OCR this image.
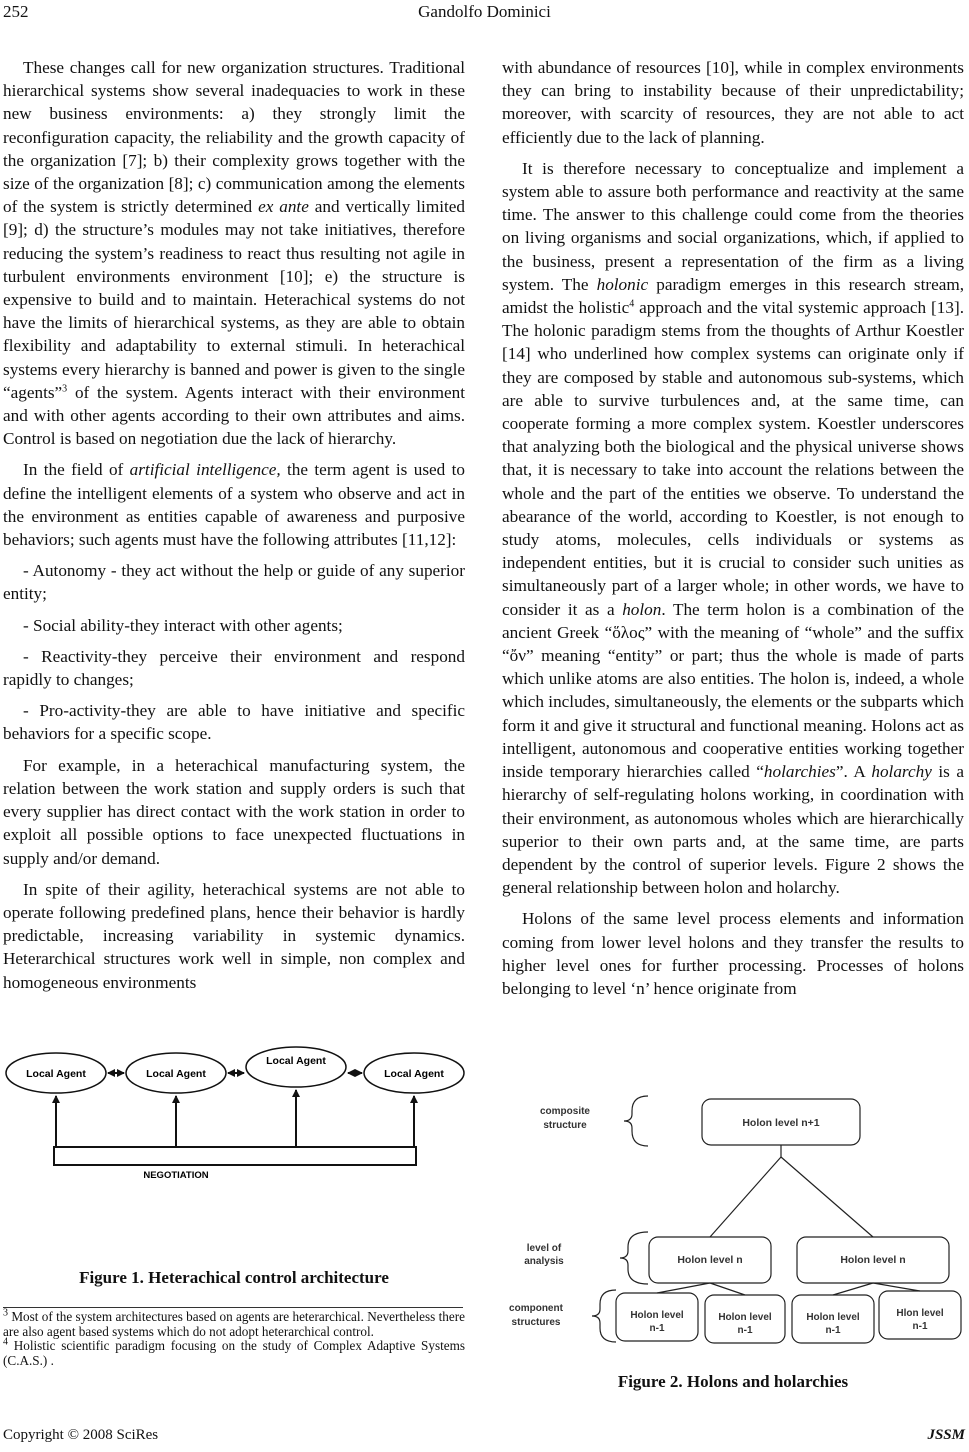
252	Gandolfo Dominici

These changes call for new organization structures. Traditional hierarchical systems show several inadequacies to work in these new business environments: a) they strongly limit the reconfiguration capacity, the reliability and the growth capacity of the organization [7]; b) their complexity grows together with the size of the organization [8]; c) communication among the elements of the system is strictly determined ex ante and vertically limited [9]; d) the structure’s modules may not take initiatives, therefore reducing the system’s readiness to react thus resulting not agile in turbulent environments environment [10]; e) the structure is expensive to build and to maintain. Heterachical systems do not have the limits of hierarchical systems, as they are able to obtain flexibility and adaptability to external stimuli. In heterachical systems every hierarchy is banned and power is given to the single “agents”$^3$ of the system. Agents interact with their environment and with other agents according to their own attributes and aims. Control is based on negotiation due the lack of hierarchy.

In the field of artificial intelligence, the term agent is used to define the intelligent elements of a system who observe and act in the environment as entities capable of awareness and purposive behaviors; such agents must have the following attributes [11,12]:

- Autonomy - they act without the help or guide of any superior entity;

- Social ability-they interact with other agents;

- Reactivity-they perceive their environment and respond rapidly to changes;

- Pro-activity-they are able to have initiative and specific behaviors for a specific scope.

For example, in a heterachical manufacturing system, the relation between the work station and supply orders is such that every supplier has direct contact with the work station in order to exploit all possible options to face unexpected fluctuations in supply and/or demand.

In spite of their agility, heterachical systems are not able to operate following predefined plans, hence their behavior is hardly predictable, increasing variability in systemic dynamics. Heterarchical structures work well in simple, non complex and homogeneous environments

with abundance of resources [10], while in complex environments they can bring to instability because of their unpredictability; moreover, with scarcity of resources, they are not able to act efficiently due to the lack of planning.

It is therefore necessary to conceptualize and implement a system able to assure both performance and reactivity at the same time. The answer to this challenge could come from the theories on living organisms and social organizations, which, if applied to the business, present a representation of the firm as a living system. The holonic paradigm emerges in this research stream, amidst the holistic$^4$ approach and the vital systemic approach [13]. The holonic paradigm stems from the thoughts of Arthur Koestler [14] who underlined how complex systems can originate only if they are composed by stable and autonomous sub-systems, which are able to survive turbulences and, at the same time, can cooperate forming a more complex system. Koestler underscores that analyzing both the biological and the physical universe shows that, it is necessary to take into account the relations between the whole and the part of the entities we observe. To understand the abearance of the world, according to Koestler, is not enough to study atoms, molecules, cells individuals or systems as independent entities, but it is crucial to consider such unities as simultaneously part of a larger whole; in other words, we have to consider it as a holon. The term holon is a combination of the ancient Greek “ὅλος” with the meaning of “whole” and the suffix “ὄν” meaning “entity” or part; thus the whole is made of parts which unlike atoms are also entities. The holon is, indeed, a whole which includes, simultaneously, the elements or the subparts which form it and give it structural and functional meaning. Holons act as intelligent, autonomous and cooperative entities working together inside temporary hierarchies called “holarchies”. A holarchy is a hierarchy of self-regulating holons working, in coordination with their environment, as autonomous wholes which are hierarchically superior to their own parts and, at the same time, are parts dependent by the control of superior levels. Figure 2 shows the general relationship between holon and holarchy.

Holons of the same level process elements and information coming from lower level holons and they transfer the results to higher level ones for further processing. Processes of holons belonging to level ‘n’ hence originate from

Local Agent	Local Agent
Local Agent
Local Agent
NEGOTIATION
Figure 1. Heterachical control architecture

$^3$ Most of the system architectures based on agents are heterarchical. Nevertheless there are also agent based systems which do not adopt heterarchical control.

$^4$ Holistic scientific paradigm focusing on the study of Complex Adaptive Systems (C.A.S.) .

composite
structure
level of
analysis
component
structures
Holon level n+1
Holon level n	Holon level n
Holon level
n-1
Holon level
n-1
Holon level
n-1
Hlon level
n-1
Figure 2. Holons and holarchies
Copyright © 2008 SciRes	JSSM
